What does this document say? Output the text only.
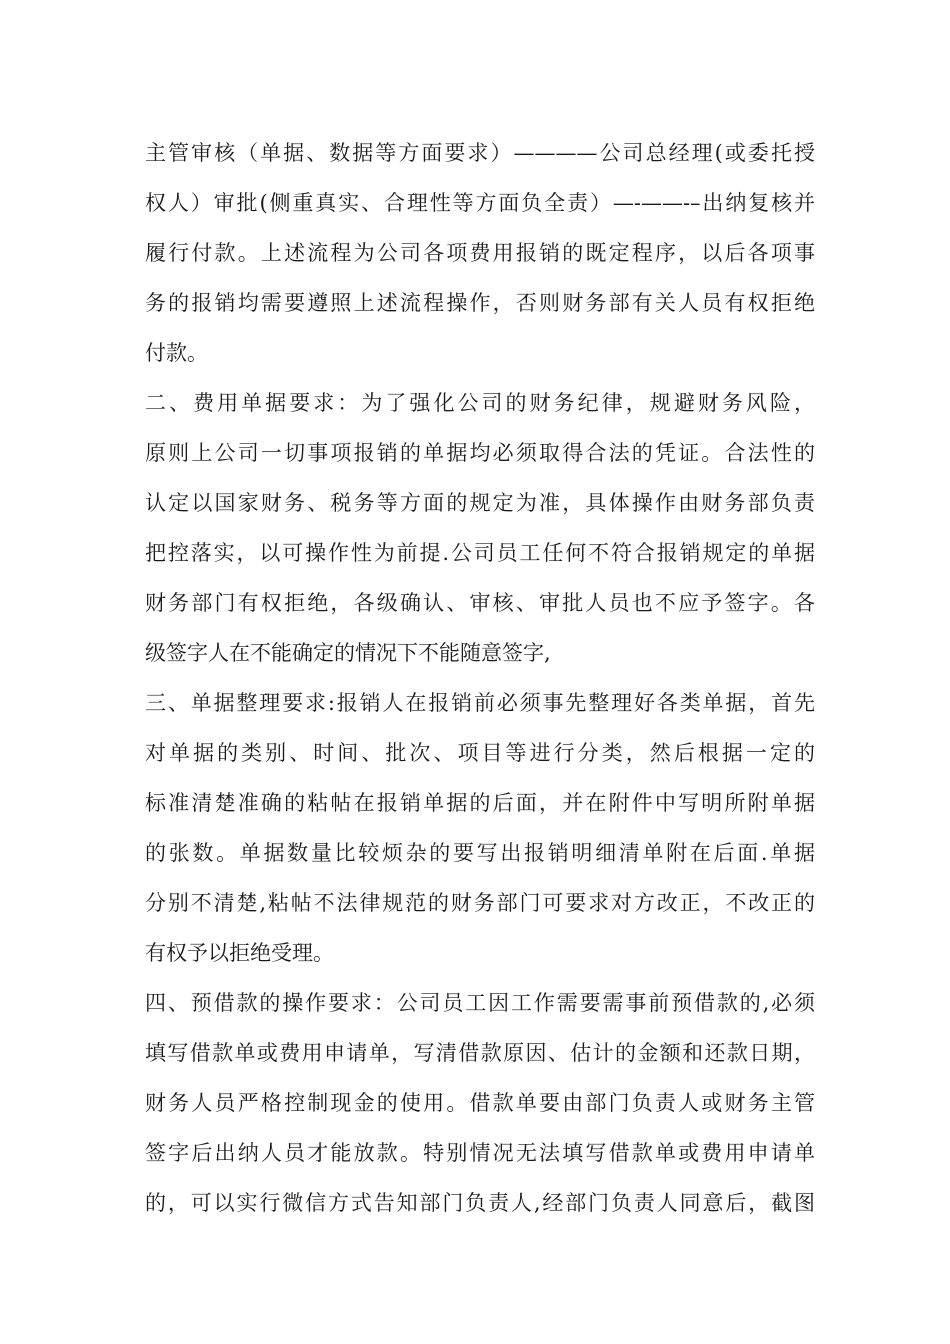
主管审核（单据、数据等方面要求）————公司总经理(或委托授
权人）审批(侧重真实、合理性等方面负全责）—-——-–出纳复核并
履行付款。上述流程为公司各项费用报销的既定程序，以后各项事
务的报销均需要遵照上述流程操作，否则财务部有关人员有权拒绝
付款。
二、费用单据要求：为了强化公司的财务纪律，规避财务风险，
原则上公司一切事项报销的单据均必须取得合法的凭证。合法性的
认定以国家财务、税务等方面的规定为准，具体操作由财务部负责
把控落实，以可操作性为前提.公司员工任何不符合报销规定的单据
财务部门有权拒绝，各级确认、审核、审批人员也不应予签字。各
级签字人在不能确定的情况下不能随意签字,
三、单据整理要求:报销人在报销前必须事先整理好各类单据，首先
对单据的类别、时间、批次、项目等进行分类，然后根据一定的
标准清楚准确的粘帖在报销单据的后面，并在附件中写明所附单据
的张数。单据数量比较烦杂的要写出报销明细清单附在后面.单据
分别不清楚,粘帖不法律规范的财务部门可要求对方改正，不改正的
有权予以拒绝受理。
四、预借款的操作要求：公司员工因工作需要需事前预借款的,必须
填写借款单或费用申请单，写清借款原因、估计的金额和还款日期，
财务人员严格控制现金的使用。借款单要由部门负责人或财务主管
签字后出纳人员才能放款。特别情况无法填写借款单或费用申请单
的，可以实行微信方式告知部门负责人,经部门负责人同意后，截图
